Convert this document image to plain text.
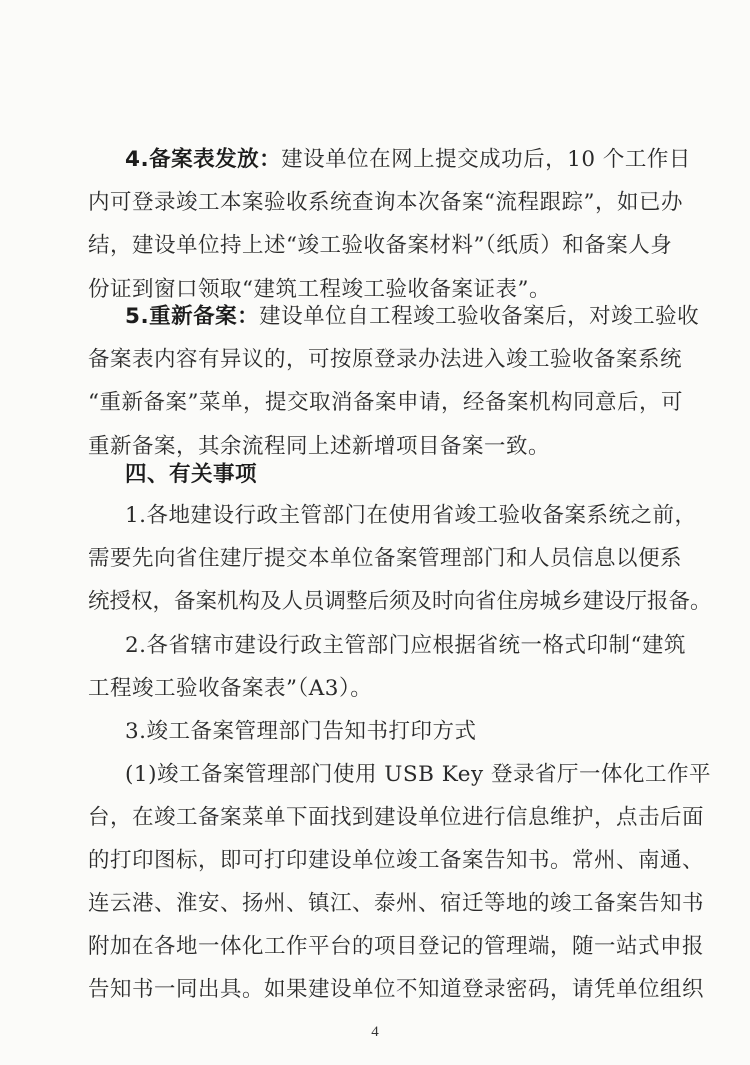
4.备案表发放：建设单位在网上提交成功后，10 个工作日
内可登录竣工本案验收系统查询本次备案“流程跟踪”，如已办
结，建设单位持上述“竣工验收备案材料”（纸质）和备案人身
份证到窗口领取“建筑工程竣工验收备案证表”。
5.重新备案：建设单位自工程竣工验收备案后，对竣工验收
备案表内容有异议的，可按原登录办法进入竣工验收备案系统
“重新备案”菜单，提交取消备案申请，经备案机构同意后，可
重新备案，其余流程同上述新增项目备案一致。
四、有关事项
1.各地建设行政主管部门在使用省竣工验收备案系统之前，
需要先向省住建厅提交本单位备案管理部门和人员信息以便系
统授权，备案机构及人员调整后须及时向省住房城乡建设厅报备。
2.各省辖市建设行政主管部门应根据省统一格式印制“建筑
工程竣工验收备案表”（A3）。
3.竣工备案管理部门告知书打印方式
(1)竣工备案管理部门使用 USB Key 登录省厅一体化工作平
台，在竣工备案菜单下面找到建设单位进行信息维护，点击后面
的打印图标，即可打印建设单位竣工备案告知书。常州、南通、
连云港、淮安、扬州、镇江、泰州、宿迁等地的竣工备案告知书
附加在各地一体化工作平台的项目登记的管理端，随一站式申报
告知书一同出具。如果建设单位不知道登录密码，请凭单位组织
4
